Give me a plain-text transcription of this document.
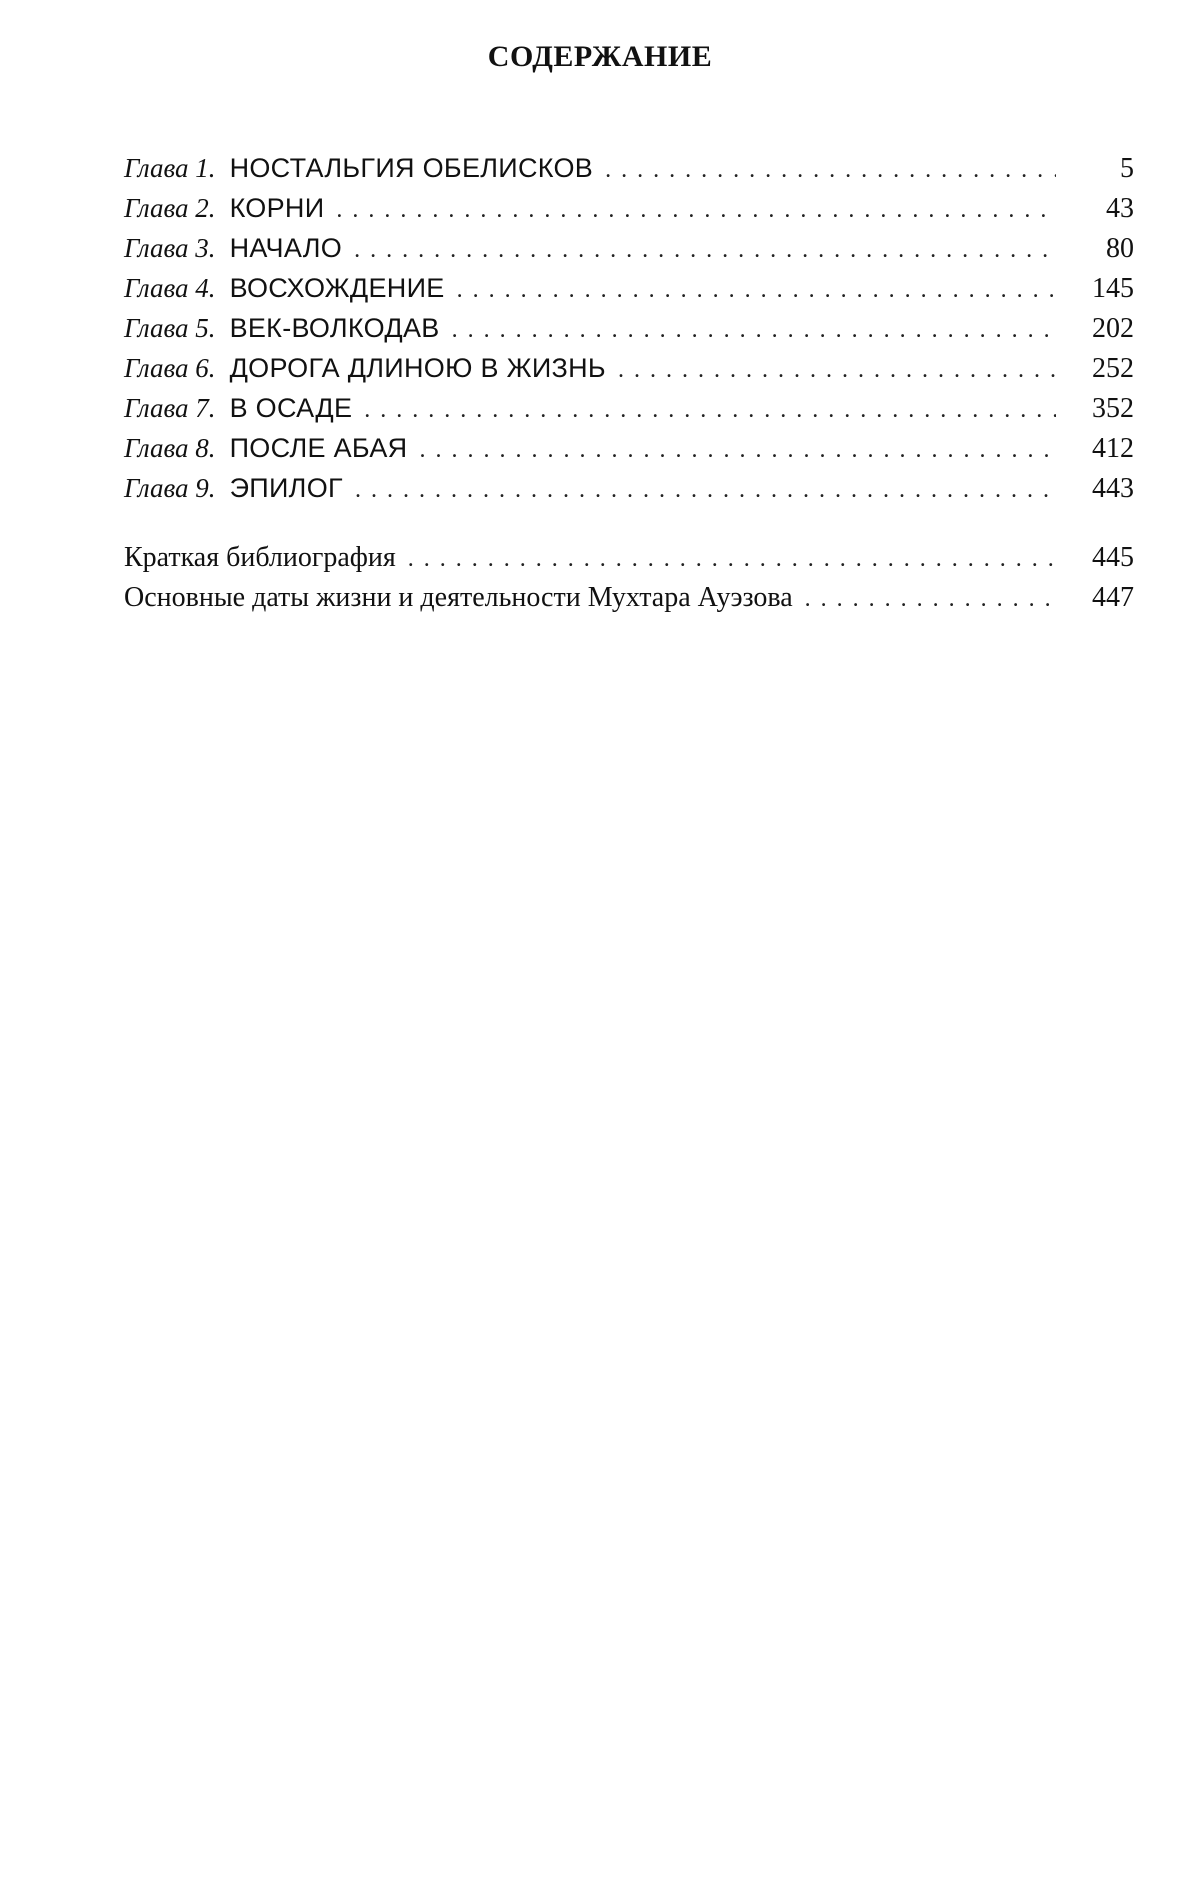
СОДЕРЖАНИЕ
Глава 1. НОСТАЛЬГИЯ ОБЕЛИСКОВ . . .	5
Глава 2. КОРНИ . . .	43
Глава 3. НАЧАЛО . . .	80
Глава 4. ВОСХОЖДЕНИЕ . . .	145
Глава 5. ВЕК-ВОЛКОДАВ . . .	202
Глава 6. ДОРОГА ДЛИНОЮ В ЖИЗНЬ . . .	252
Глава 7. В ОСАДЕ . . .	352
Глава 8. ПОСЛЕ АБАЯ . . .	412
Глава 9. ЭПИЛОГ . . .	443
Краткая библиография . . .	445
Основные даты жизни и деятельности Мухтара Ауэзова . . .	447
